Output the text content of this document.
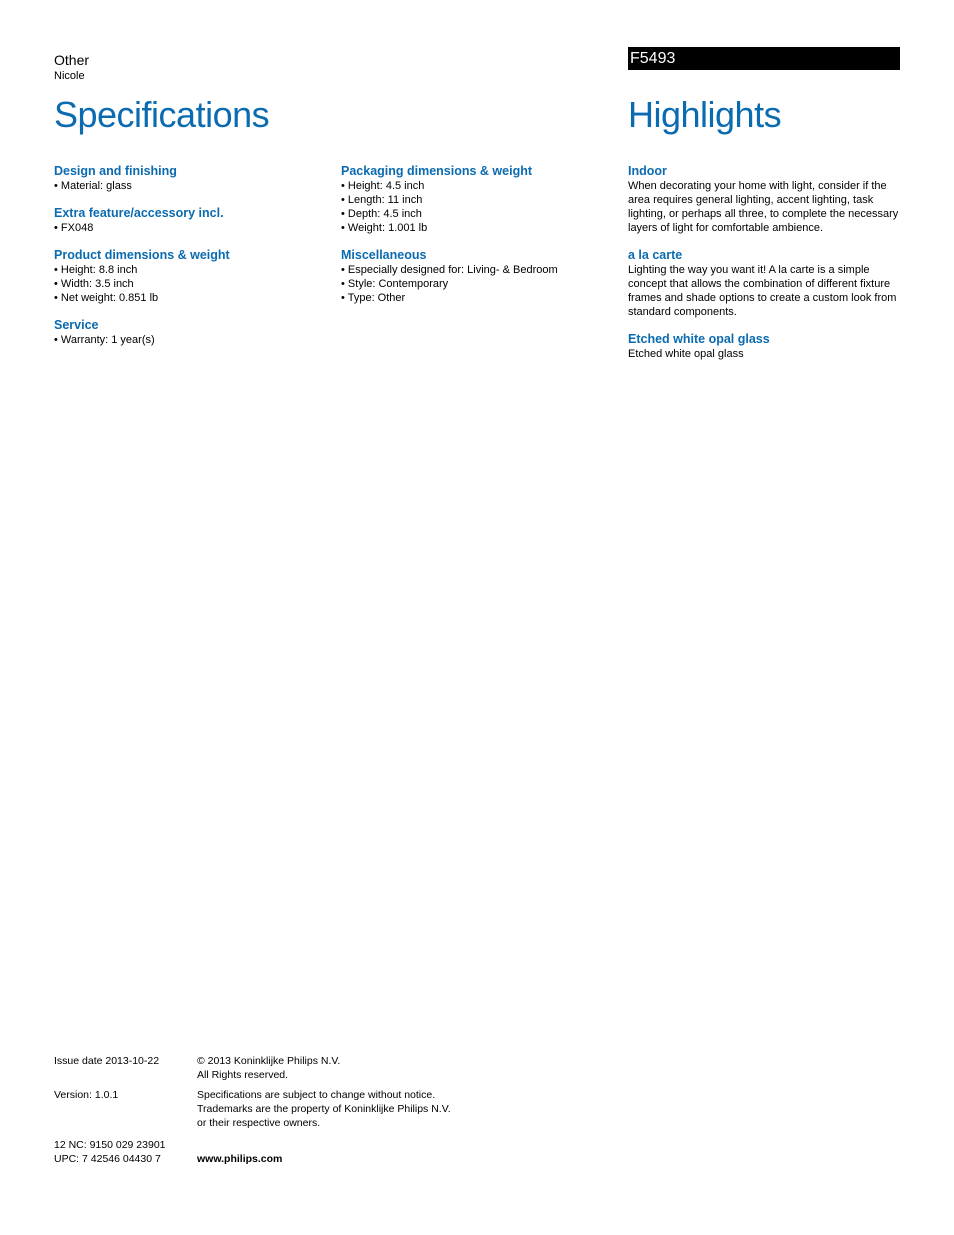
Other
Nicole
F5493
Specifications	Highlights

Design and finishing

• Material: glass

Extra feature/accessory incl.

• FX048

Product dimensions & weight

• Height: 8.8 inch
• Width: 3.5 inch
• Net weight: 0.851 lb

Service

• Warranty: 1 year(s)

Packaging dimensions & weight

• Height: 4.5 inch
• Length: 11 inch
• Depth: 4.5 inch
• Weight: 1.001 lb

Miscellaneous

• Especially designed for: Living- & Bedroom
• Style: Contemporary
• Type: Other

Indoor

When decorating your home with light, consider if the area requires general lighting, accent lighting, task lighting, or perhaps all three, to complete the necessary layers of light for comfortable ambience.

a la carte

Lighting the way you want it! A la carte is a simple concept that allows the combination of different fixture frames and shade options to create a custom look from standard components.

Etched white opal glass

Etched white opal glass

Issue date 2013-10-22	© 2013 Koninklijke Philips N.V.
All Rights reserved.
Version: 1.0.1	Specifications are subject to change without notice.
Trademarks are the property of Koninklijke Philips N.V.
or their respective owners.
12 NC: 9150 029 23901
UPC: 7 42546 04430 7	www.philips.com
